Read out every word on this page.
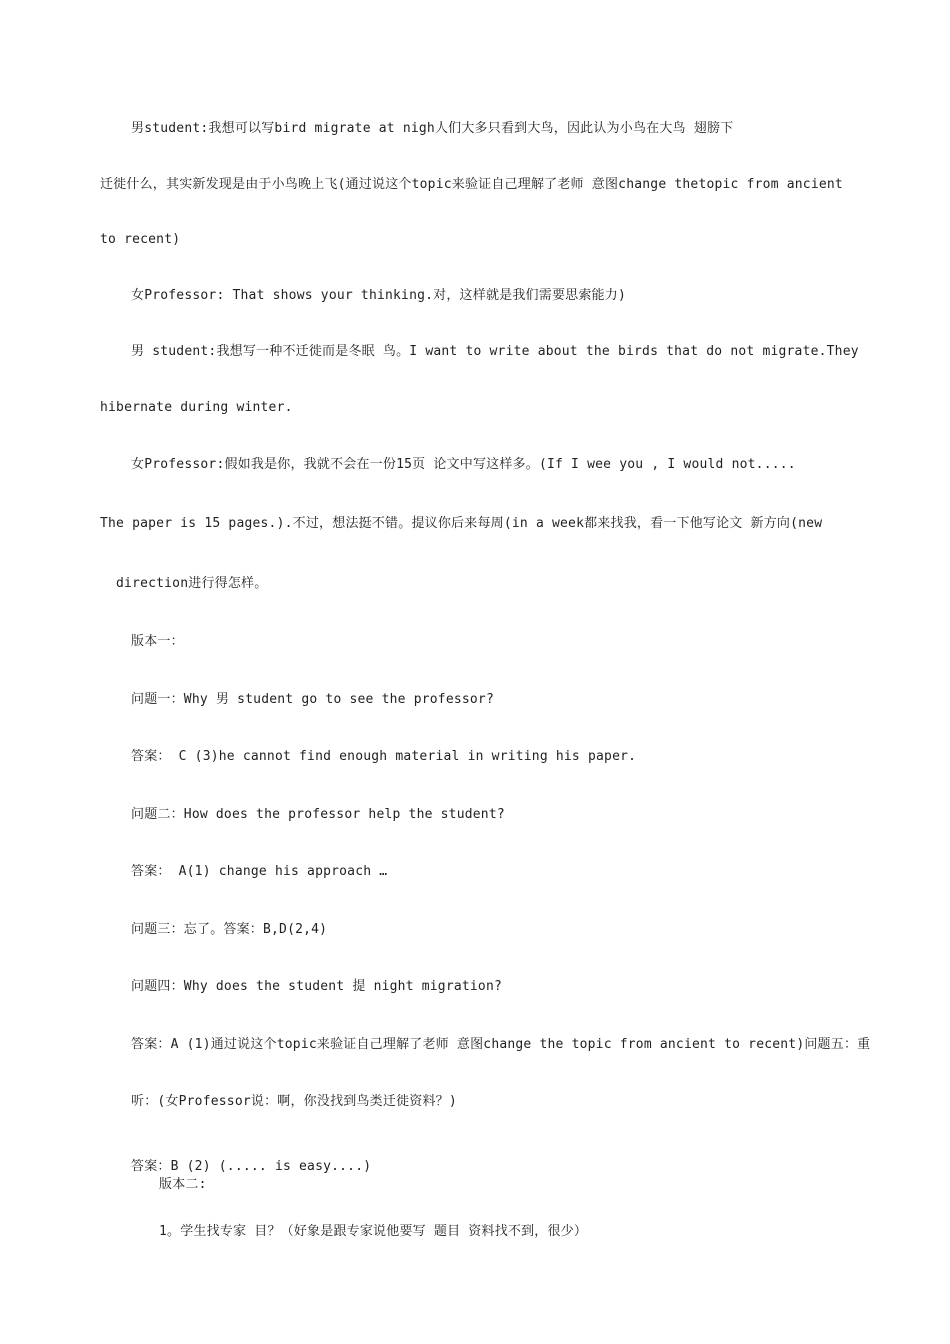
男student:我想可以写bird migrate at nigh人们大多只看到大鸟，因此认为小鸟在大鸟 翅膀下
迁徙什么，其实新发现是由于小鸟晚上飞(通过说这个topic来验证自己理解了老师 意图change thetopic from ancient
to recent)
女Professor: That shows your thinking.对，这样就是我们需要思索能力)
男 student:我想写一种不迁徙而是冬眠 鸟。I want to write about the birds that do not migrate.They
hibernate during winter.
女Professor:假如我是你，我就不会在一份15页 论文中写这样多。(If I wee you , I would not.....
The paper is 15 pages.).不过，想法挺不错。提议你后来每周(in a week都来找我，看一下他写论文 新方向(new
direction进行得怎样。
版本一：
问题一：Why 男 student go to see the professor?
答案： C (3)he cannot find enough material in writing his paper.
问题二：How does the professor help the student?
答案： A(1) change his approach …
问题三：忘了。答案：B,D(2,4)
问题四：Why does the student 提 night migration?
答案：A (1)通过说这个topic来验证自己理解了老师 意图change the topic from ancient to recent)问题五：重
听：(女Professor说：啊，你没找到鸟类迁徙资料？)
答案：B (2) (..... is easy....)
版本二:
1。学生找专家 目？（好象是跟专家说他要写 题目 资料找不到，很少）
